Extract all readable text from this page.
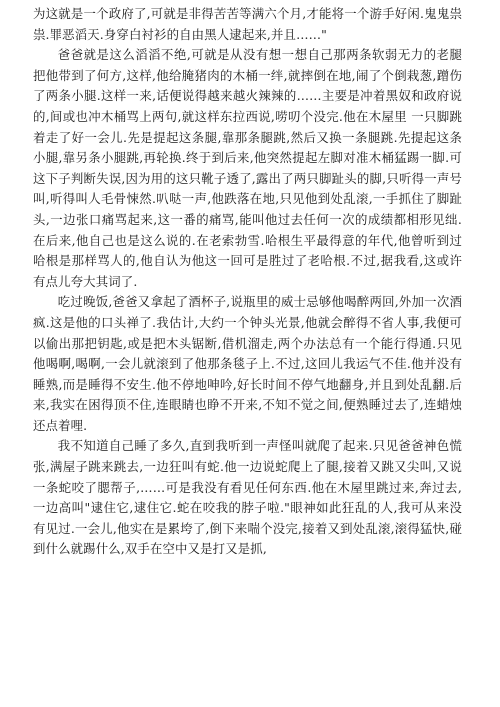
为这就是一个政府了,可就是非得苦苦等满六个月,才能将一个游手好闲.鬼鬼祟祟.罪恶滔天.身穿白衬衫的自由黑人逮起来,并且……"

爸爸就是这么滔滔不绝,可就是从没有想一想自己那两条软弱无力的老腿把他带到了何方,这样,他给腌猪肉的木桶一绊,就摔倒在地,闹了个倒栽葱,蹭伤了两条小腿.这样一来,话便说得越来越火辣辣的……主要是冲着黑奴和政府说的,间或也冲木桶骂上两句,就这样东拉西说,唠叨个没完.他在木屋里 一只脚跳着走了好一会儿.先是提起这条腿,靠那条腿跳,然后又换一条腿跳.先提起这条小腿,靠另条小腿跳,再轮换.终于到后来,他突然提起左脚对准木桶猛踢一脚.可这下子判断失误,因为用的这只靴子透了,露出了两只脚趾头的脚,只听得一声号叫,听得叫人毛骨悚然.叭哒一声,他跌落在地,只见他到处乱滚,一手抓住了脚趾头,一边张口痛骂起来,这一番的痛骂,能叫他过去任何一次的成绩都相形见绌.在后来,他自己也是这么说的.在老索勃雪.哈根生平最得意的年代,他曾听到过哈根是那样骂人的,他自认为他这一回可是胜过了老哈根.不过,据我看,这或许有点儿夸大其词了.

吃过晚饭,爸爸又拿起了酒杯子,说瓶里的威士忌够他喝醉两回,外加一次酒疯.这是他的口头禅了.我估计,大约一个钟头光景,他就会醉得不省人事,我便可以偷出那把钥匙,或是把木头锯断,借机溜走,两个办法总有一个能行得通.只见他喝啊,喝啊,一会儿就滚到了他那条毯子上.不过,这回儿我运气不佳.他并没有睡熟,而是睡得不安生.他不停地呻吟,好长时间不停气地翻身,并且到处乱翻.后来,我实在困得顶不住,连眼睛也睁不开来,不知不觉之间,便熟睡过去了,连蜡烛还点着哩.

我不知道自己睡了多久,直到我听到一声怪叫就爬了起来.只见爸爸神色慌张,满屋子跳来跳去,一边狂叫有蛇.他一边说蛇爬上了腿,接着又跳又尖叫,又说一条蛇咬了腮帮子,……可是我没有看见任何东西.他在木屋里跳过来,奔过去,一边高叫"逮住它,逮住它.蛇在咬我的脖子啦."眼神如此狂乱的人,我可从来没有见过.一会儿,他实在是累垮了,倒下来喘个没完,接着又到处乱滚,滚得猛快,碰到什么就踢什么,双手在空中又是打又是抓,
